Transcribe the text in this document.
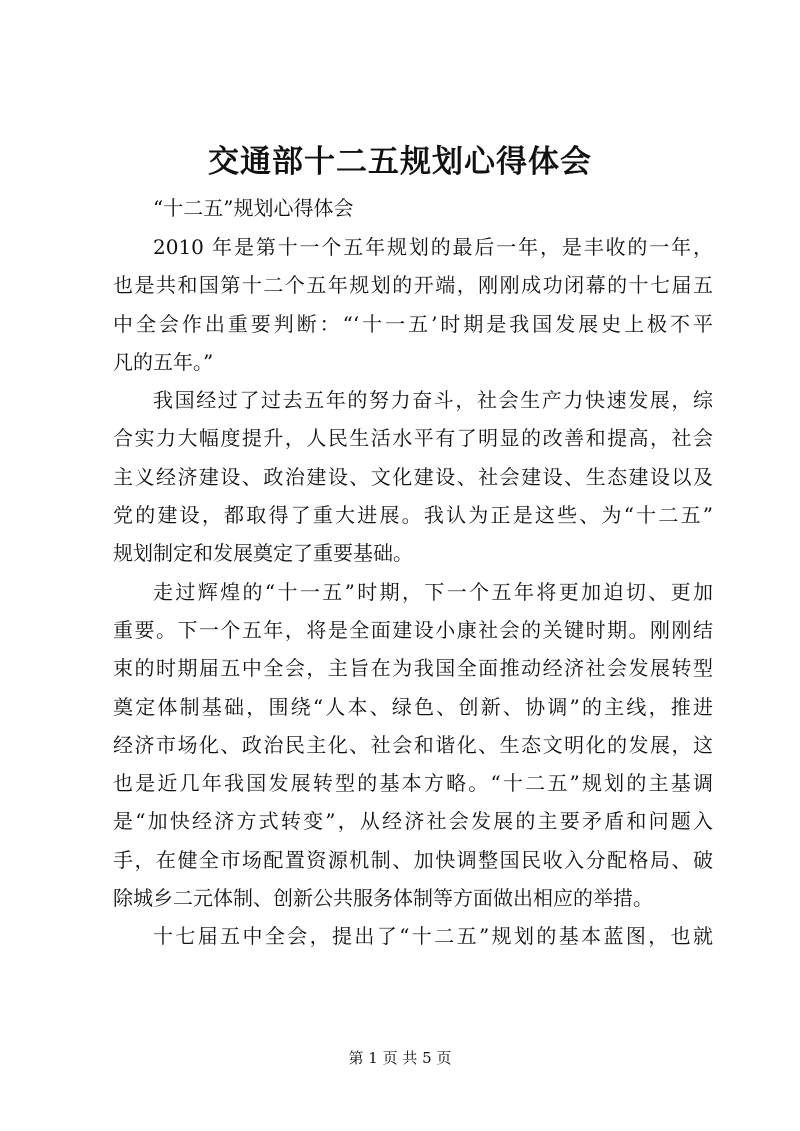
交通部十二五规划心得体会
“十二五”规划心得体会

2010 年是第十一个五年规划的最后一年，是丰收的一年，
也是共和国第十二个五年规划的开端，刚刚成功闭幕的十七届五
中全会作出重要判断：“‘十一五’时期是我国发展史上极不平
凡的五年。”

我国经过了过去五年的努力奋斗，社会生产力快速发展，综
合实力大幅度提升，人民生活水平有了明显的改善和提高，社会
主义经济建设、政治建设、文化建设、社会建设、生态建设以及
党的建设，都取得了重大进展。我认为正是这些、为“十二五”
规划制定和发展奠定了重要基础。

走过辉煌的“十一五”时期，下一个五年将更加迫切、更加
重要。下一个五年，将是全面建设小康社会的关键时期。刚刚结
束的时期届五中全会，主旨在为我国全面推动经济社会发展转型
奠定体制基础，围绕“人本、绿色、创新、协调”的主线，推进
经济市场化、政治民主化、社会和谐化、生态文明化的发展，这
也是近几年我国发展转型的基本方略。“十二五”规划的主基调
是“加快经济方式转变”，从经济社会发展的主要矛盾和问题入
手，在健全市场配置资源机制、加快调整国民收入分配格局、破
除城乡二元体制、创新公共服务体制等方面做出相应的举措。

十七届五中全会，提出了“十二五”规划的基本蓝图，也就

第 1 页 共 5 页
